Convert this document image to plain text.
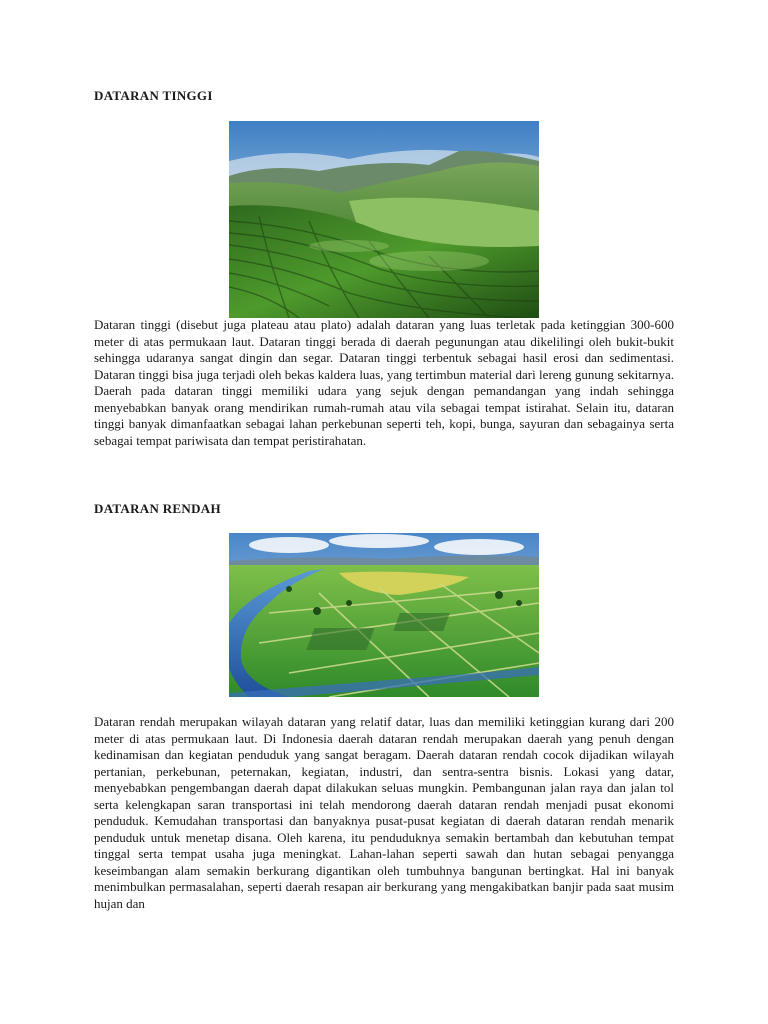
DATARAN TINGGI

Dataran tinggi (disebut juga plateau atau plato) adalah dataran yang luas terletak pada ketinggian 300-600 meter di atas permukaan laut. Dataran tinggi berada di daerah pegunungan atau dikelilingi oleh bukit-bukit sehingga udaranya sangat dingin dan segar. Dataran tinggi terbentuk sebagai hasil erosi dan sedimentasi. Dataran tinggi bisa juga terjadi oleh bekas kaldera luas, yang tertimbun material dari lereng gunung sekitarnya. Daerah pada dataran tinggi memiliki udara yang sejuk dengan pemandangan yang indah sehingga menyebabkan banyak orang mendirikan rumah-rumah atau vila sebagai tempat istirahat. Selain itu, dataran tinggi banyak dimanfaatkan sebagai lahan perkebunan seperti teh, kopi, bunga, sayuran dan sebagainya serta sebagai tempat pariwisata dan tempat peristirahatan.

DATARAN RENDAH

Dataran rendah merupakan wilayah dataran yang relatif datar, luas dan memiliki ketinggian kurang dari 200 meter di atas permukaan laut. Di Indonesia daerah dataran rendah merupakan daerah yang penuh dengan kedinamisan dan kegiatan penduduk yang sangat beragam. Daerah dataran rendah cocok dijadikan wilayah pertanian, perkebunan, peternakan, kegiatan, industri, dan sentra-sentra bisnis. Lokasi yang datar, menyebabkan pengembangan daerah dapat dilakukan seluas mungkin. Pembangunan jalan raya dan jalan tol serta kelengkapan saran transportasi ini telah mendorong daerah dataran rendah menjadi pusat ekonomi penduduk. Kemudahan transportasi dan banyaknya pusat-pusat kegiatan di daerah dataran rendah menarik penduduk untuk menetap disana. Oleh karena, itu penduduknya semakin bertambah dan kebutuhan tempat tinggal serta tempat usaha juga meningkat. Lahan-lahan seperti sawah dan hutan sebagai penyangga keseimbangan alam semakin berkurang digantikan oleh tumbuhnya bangunan bertingkat. Hal ini banyak menimbulkan permasalahan, seperti daerah resapan air berkurang yang mengakibatkan banjir pada saat musim hujan dan
